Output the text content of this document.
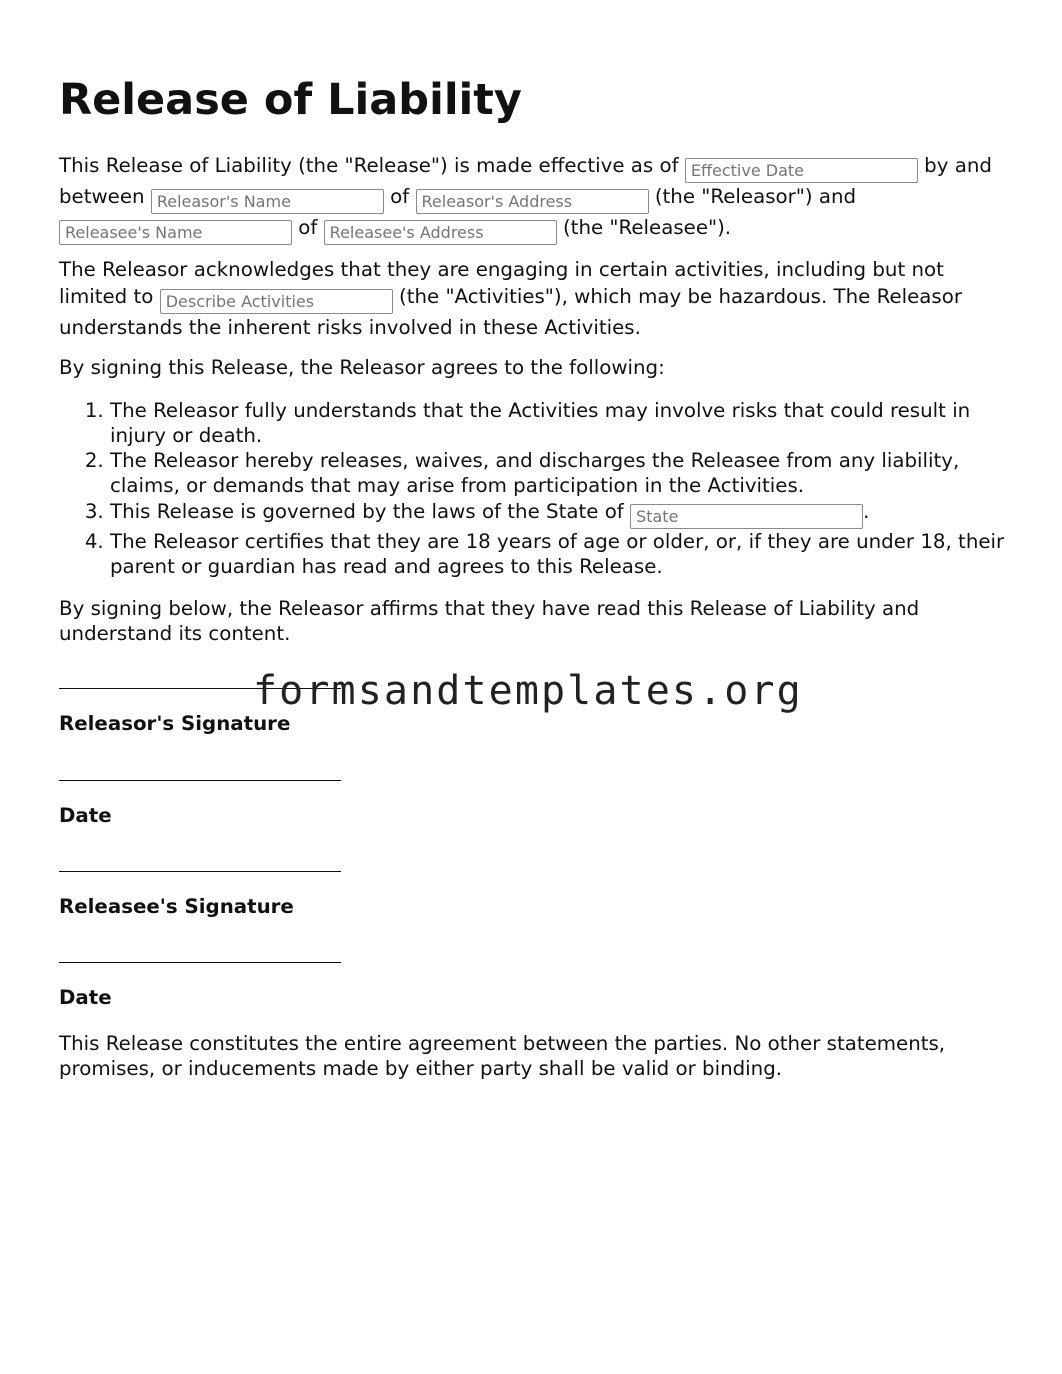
Release of Liability

This Release of Liability (the "Release") is made effective as of Effective Date	by and between Releasor's Name	of Releasor's Address	(the "Releasor") and Releasee's Name of Releasee's Address	(the "Releasee").

The Releasor acknowledges that they are engaging in certain activities, including but not limited to Describe Activities	(the "Activities"), which may be hazardous. The Releasor understands the inherent risks involved in these Activities.

By signing this Release, the Releasor agrees to the following:

1. The Releasor fully understands that the Activities may involve risks that could result in injury or death.
2. The Releasor hereby releases, waives, and discharges the Releasee from any liability, claims, or demands that may arise from participation in the Activities.
3. This Release is governed by the laws of the State of State	.
4. The Releasor certifies that they are 18 years of age or older, or, if they are under 18, their parent or guardian has read and agrees to this Release.

By signing below, the Releasor affirms that they have read this Release of Liability and understand its content.

Releasor's Signature

Date

Releasee's Signature

Date

This Release constitutes the entire agreement between the parties. No other statements, promises, or inducements made by either party shall be valid or binding.

formsandtemplates.org
